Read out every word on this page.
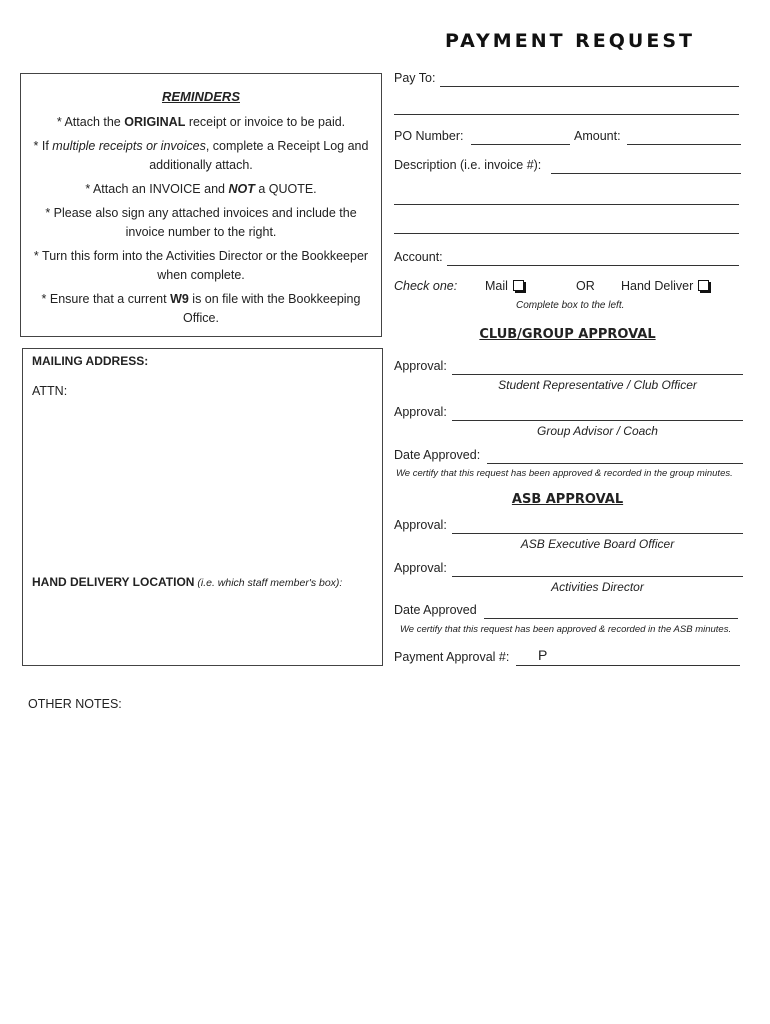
PAYMENT REQUEST
REMINDERS
* Attach the ORIGINAL receipt or invoice to be paid.
* If multiple receipts or invoices, complete a Receipt Log and additionally attach.
* Attach an INVOICE and NOT a QUOTE.
* Please also sign any attached invoices and include the invoice number to the right.
* Turn this form into the Activities Director or the Bookkeeper when complete.
* Ensure that a current W9 is on file with the Bookkeeping Office.
MAILING ADDRESS:
ATTN:
HAND DELIVERY LOCATION (i.e. which staff member's box):
OTHER NOTES:
Pay To:
PO Number:	Amount:
Description (i.e. invoice #):
Account:
Check one: Mail	OR Hand Deliver
Complete box to the left.
CLUB/GROUP APPROVAL
Approval:
Student Representative / Club Officer
Approval:
Group Advisor / Coach
Date Approved:
We certify that this request has been approved & recorded in the group minutes.
ASB APPROVAL
Approval:
ASB Executive Board Officer
Approval:
Activities Director
Date Approved
We certify that this request has been approved & recorded in the ASB minutes.
Payment Approval #: P
